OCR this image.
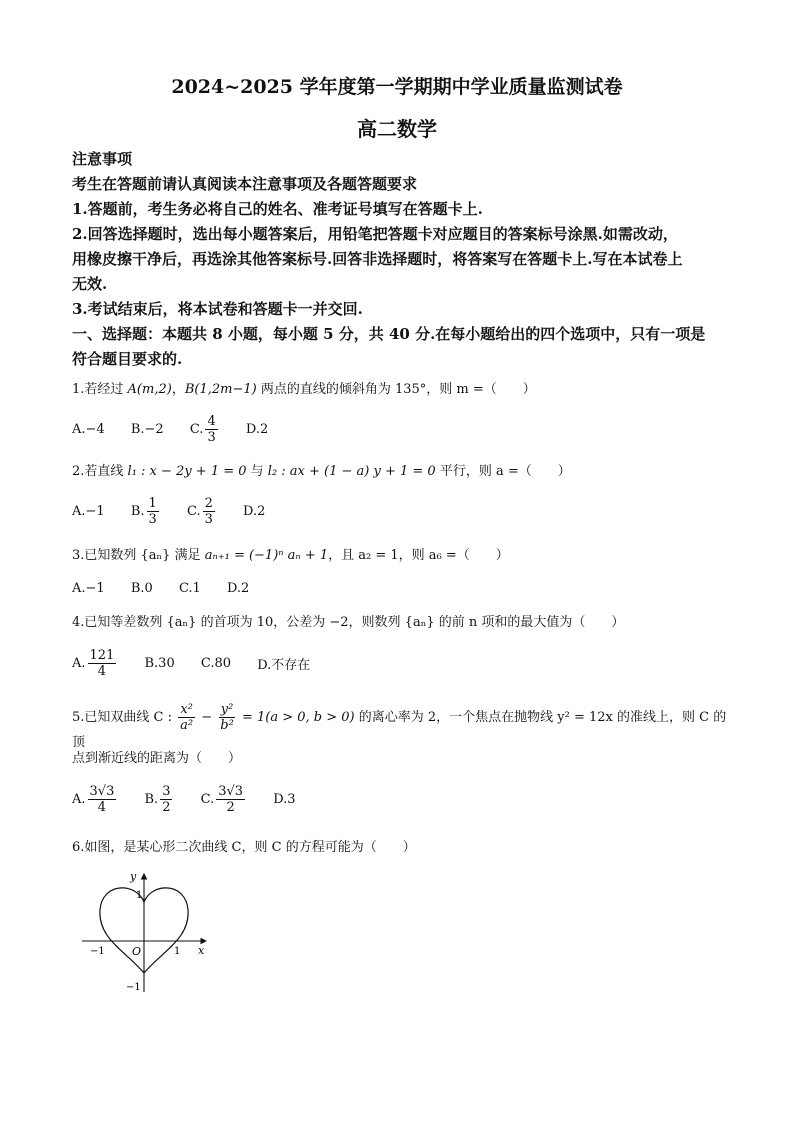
2024~2025 学年度第一学期期中学业质量监测试卷
高二数学
注意事项
考生在答题前请认真阅读本注意事项及各题答题要求
1.答题前，考生务必将自己的姓名、准考证号填写在答题卡上.
2.回答选择题时，选出每小题答案后，用铅笔把答题卡对应题目的答案标号涂黑.如需改动，
用橡皮擦干净后，再选涂其他答案标号.回答非选择题时，将答案写在答题卡上.写在本试卷上
无效.
3.考试结束后，将本试卷和答题卡一并交回.
一、选择题：本题共 8 小题，每小题 5 分，共 40 分.在每小题给出的四个选项中，只有一项是
符合题目要求的.
1.若经过 A(m,2)，B(1,2m−1) 两点的直线的倾斜角为 135°，则 m =（　　）
A.−4 B.−2 C. $\frac{4}{3} D.2$
2.若直线 l₁ : x − 2y + 1 = 0 与 l₂ : ax + (1 − a) y + 1 = 0 平行，则 a =（　　）
A.−1 B. $\frac{1}{3} C$. $\frac{2}{3} D.2$
3.已知数列 {aₙ} 满足 aₙ₊₁ = (−1)ⁿ aₙ + 1，且 a₂ = 1，则 a₆ =（　　）
A.−1 B.0 C.1 D.2
4.已知等差数列 {aₙ} 的首项为 10，公差为 −2，则数列 {aₙ} 的前 n 项和的最大值为（　　）
A. $\frac{121}{4} B.30$ C.80 D.不存在
5.已知双曲线 C : $\frac{\text{x²}}{\text{a²}} - \frac{\text{y²}}{\text{b²}} = 1(a > 0$, b > 0) 的离心率为 2，一个焦点在抛物线 y² = 12x 的准线上，则 C 的顶
点到渐近线的距离为（　　）
A. $\frac{3√3}{4} B$. $\frac{3}{2} C$. $\frac{3√3}{2} D.3$
6.如图，是某心形二次曲线 C，则 C 的方程可能为（　　）
y
x
O
1
−1
−1	1
